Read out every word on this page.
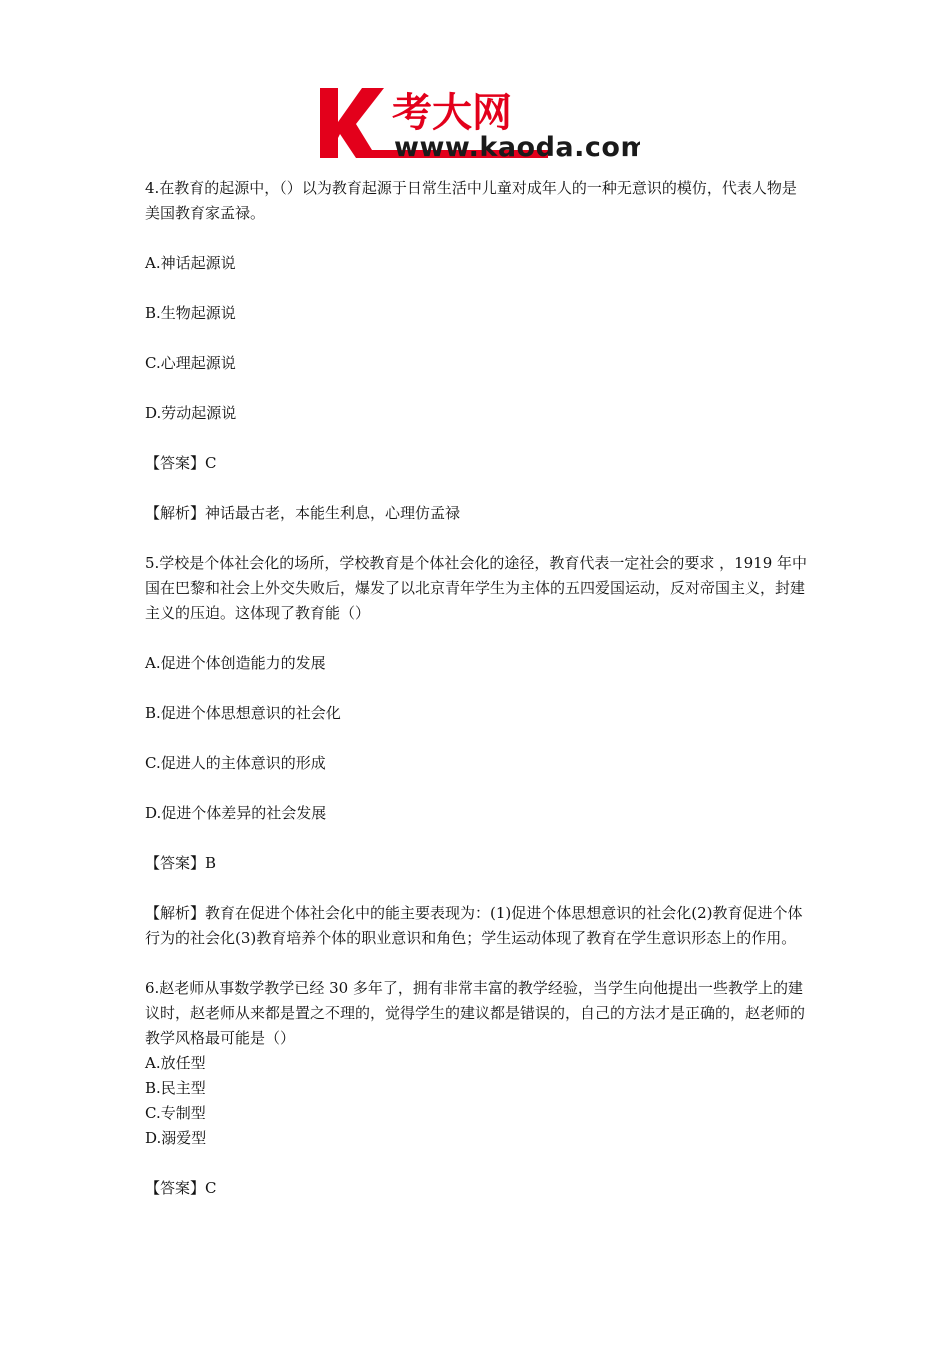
考大网
www.kaoda.com

4.在教育的起源中，（）以为教育起源于日常生活中儿童对成年人的一种无意识的模仿，代表人物是美国教育家孟禄。

A.神话起源说

B.生物起源说

C.心理起源说

D.劳动起源说

【答案】C

【解析】神话最古老，本能生利息，心理仿孟禄

5.学校是个体社会化的场所，学校教育是个体社会化的途径，教育代表一定社会的要求 ，1919 年中国在巴黎和社会上外交失败后，爆发了以北京青年学生为主体的五四爱国运动，反对帝国主义，封建主义的压迫。这体现了教育能（）

A.促进个体创造能力的发展

B.促进个体思想意识的社会化

C.促进人的主体意识的形成

D.促进个体差异的社会发展

【答案】B

【解析】教育在促进个体社会化中的能主要表现为：(1)促进个体思想意识的社会化(2)教育促进个体行为的社会化(3)教育培养个体的职业意识和角色；学生运动体现了教育在学生意识形态上的作用。

6.赵老师从事数学教学已经 30 多年了，拥有非常丰富的教学经验，当学生向他提出一些教学上的建议时，赵老师从来都是置之不理的，觉得学生的建议都是错误的，自己的方法才是正确的，赵老师的教学风格最可能是（）

A.放任型

B.民主型

C.专制型

D.溺爱型

【答案】C
